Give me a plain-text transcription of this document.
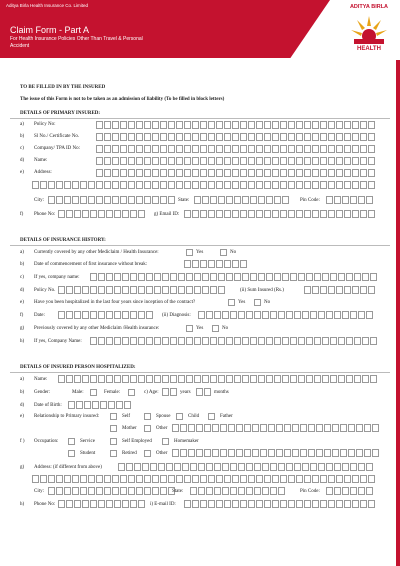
Aditya Birla Health Insurance Co. Limited
Claim Form - Part A
For Health Insurance Policies Other Than Travel & Personal Accident
ADITYA BIRLA
HEALTH
TO BE FILLED IN BY THE INSURED
The issue of this Form is not to be taken as an admission of liability (To be filled in block letters)
DETAILS OF PRIMARY INSURED:
a) Policy No:
b) Sl No./ Certificate No.
c) Company/ TPA ID No:
d) Name:
e) Address:
City:	State:	Pin Code:
f) Phone No:	g) Email ID:
DETAILS OF INSURANCE HISTORY:
a) Currently covered by any other Mediclaim / Health Insurance:	Yes	No
b) Date of commencement of first insurance without break:
c) If yes, company name:
d) Policy No.	(ii) Sum Insured (Rs.)
e) Have you been hospitalized in the last four years since inception of the contract?	Yes	No
f) Date:	(ii) Diagnosis:
g) Previously covered by any other Mediclaim /Health insurance:	Yes	No
h) If yes, Company Name:
DETAILS OF INSURED PERSON HOSPITALIZED:
a) Name:
b) Gender:	Male:	Female:	c) Age:	years	months
d) Date of Birth:
e) Relationship to Primary insured:	Self	Spouse	Child	Father
Mother	Other
f ) Occupation:	Service	Self Employed	Homemaker
Student	Retired	Other
g) Address: (if different from above)
City:	State:	Pin Code:
h) Phone No:	i) E-mail ID:
